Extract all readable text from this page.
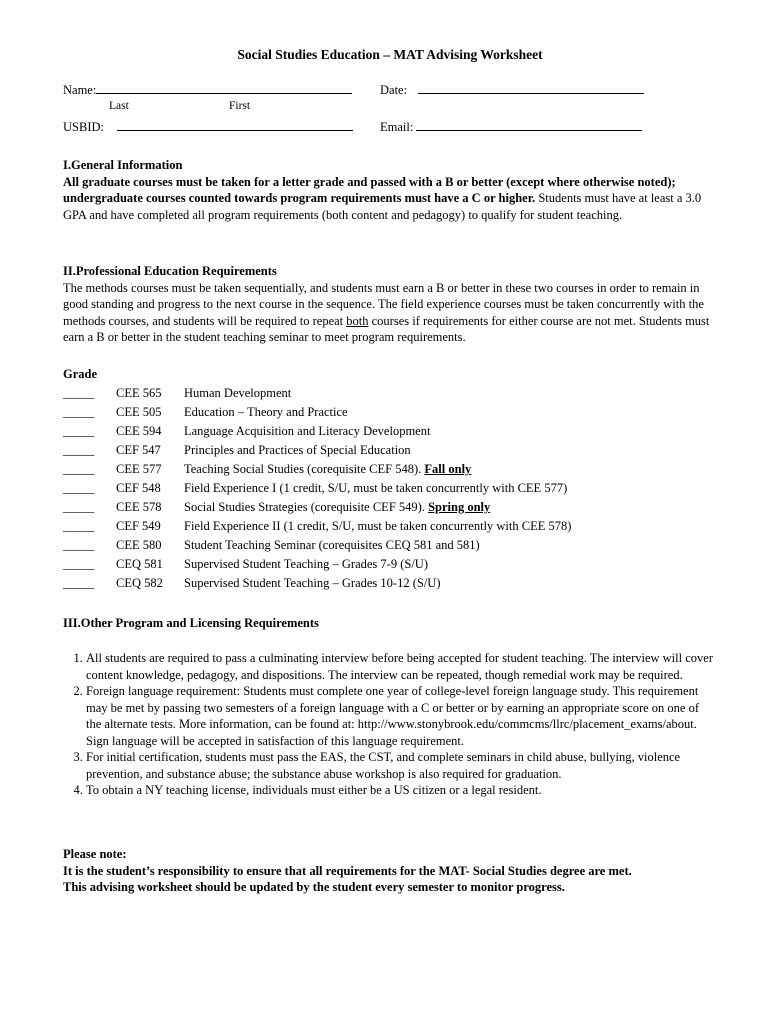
Social Studies Education – MAT Advising Worksheet
Name:
Last	First
Date:
USBID:	Email:
I.General Information
All graduate courses must be taken for a letter grade and passed with a B or better (except where otherwise noted); undergraduate courses counted towards program requirements must have a C or higher. Students must have at least a 3.0 GPA and have completed all program requirements (both content and pedagogy) to qualify for student teaching.
II.Professional Education Requirements
The methods courses must be taken sequentially, and students must earn a B or better in these two courses in order to remain in good standing and progress to the next course in the sequence. The field experience courses must be taken concurrently with the methods courses, and students will be required to repeat both courses if requirements for either course are not met. Students must earn a B or better in the student teaching seminar to meet program requirements.
Grade
_____ CEE 565 Human Development
_____ CEE 505 Education – Theory and Practice
_____ CEE 594 Language Acquisition and Literacy Development
_____ CEF 547 Principles and Practices of Special Education
_____ CEE 577 Teaching Social Studies (corequisite CEF 548). Fall only
_____ CEF 548 Field Experience I (1 credit, S/U, must be taken concurrently with CEE 577)
_____ CEE 578 Social Studies Strategies (corequisite CEF 549). Spring only
_____ CEF 549 Field Experience II (1 credit, S/U, must be taken concurrently with CEE 578)
_____ CEE 580 Student Teaching Seminar (corequisites CEQ 581 and 581)
_____ CEQ 581 Supervised Student Teaching – Grades 7-9 (S/U)
_____ CEQ 582 Supervised Student Teaching – Grades 10-12 (S/U)
III.Other Program and Licensing Requirements
1. All students are required to pass a culminating interview before being accepted for student teaching. The interview will cover content knowledge, pedagogy, and dispositions. The interview can be repeated, though remedial work may be required.
2. Foreign language requirement: Students must complete one year of college-level foreign language study. This requirement may be met by passing two semesters of a foreign language with a C or better or by earning an appropriate score on one of the alternate tests. More information, can be found at: http://www.stonybrook.edu/commcms/llrc/placement_exams/about. Sign language will be accepted in satisfaction of this language requirement.
3. For initial certification, students must pass the EAS, the CST, and complete seminars in child abuse, bullying, violence prevention, and substance abuse; the substance abuse workshop is also required for graduation.
4. To obtain a NY teaching license, individuals must either be a US citizen or a legal resident.
Please note:
It is the student’s responsibility to ensure that all requirements for the MAT- Social Studies degree are met.
This advising worksheet should be updated by the student every semester to monitor progress.
